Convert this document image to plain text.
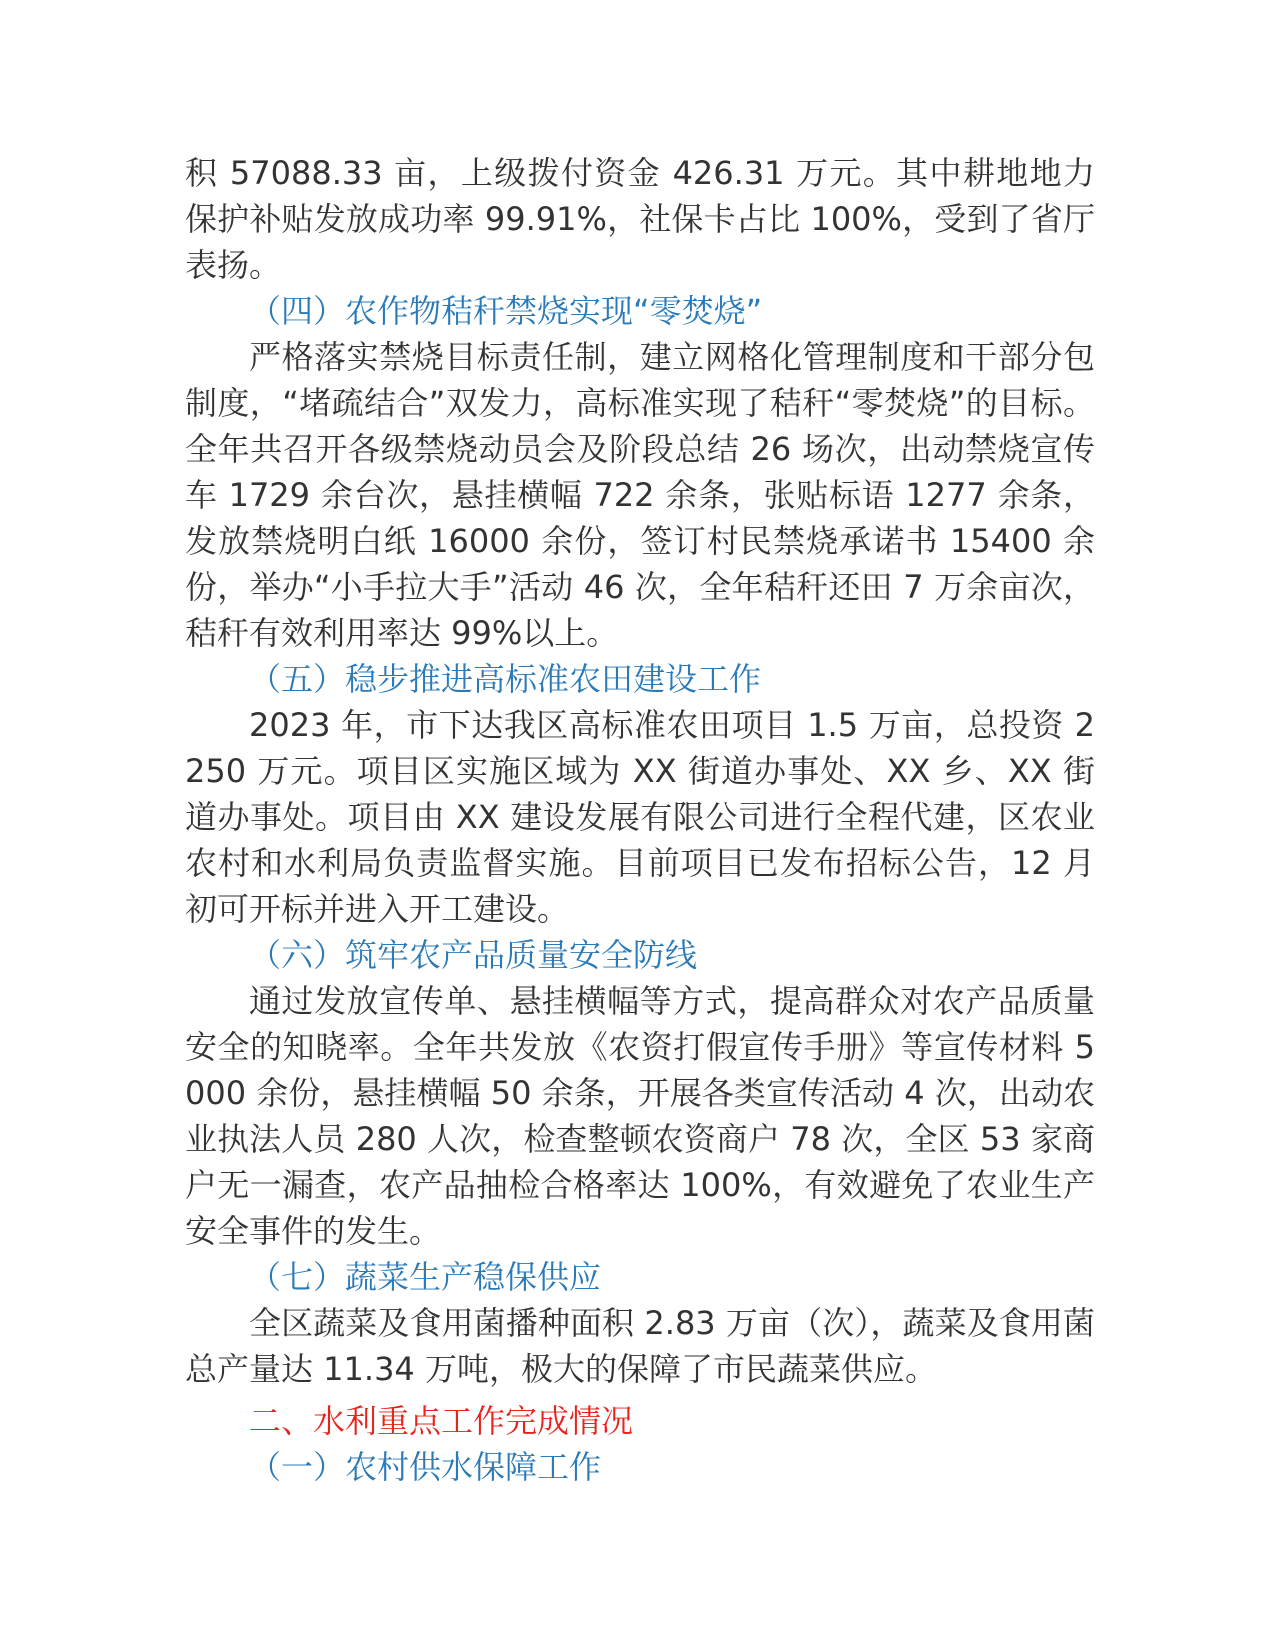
积 57088.33 亩，上级拨付资金 426.31 万元。其中耕地地力保护补贴发放成功率 99.91%，社保卡占比 100%，受到了省厅表扬。

（四）农作物秸秆禁烧实现“零焚烧”

严格落实禁烧目标责任制，建立网格化管理制度和干部分包制度，“堵疏结合”双发力，高标准实现了秸秆“零焚烧”的目标。全年共召开各级禁烧动员会及阶段总结 26 场次，出动禁烧宣传车 1729 余台次，悬挂横幅 722 余条，张贴标语 1277 余条，发放禁烧明白纸 16000 余份，签订村民禁烧承诺书 15400 余份，举办“小手拉大手”活动 46 次，全年秸秆还田 7 万余亩次，秸秆有效利用率达 99%以上。

（五）稳步推进高标准农田建设工作

2023 年，市下达我区高标准农田项目 1.5 万亩，总投资 2250 万元。项目区实施区域为 XX 街道办事处、XX 乡、XX 街道办事处。项目由 XX 建设发展有限公司进行全程代建，区农业农村和水利局负责监督实施。目前项目已发布招标公告，12 月初可开标并进入开工建设。

（六）筑牢农产品质量安全防线

通过发放宣传单、悬挂横幅等方式，提高群众对农产品质量安全的知晓率。全年共发放《农资打假宣传手册》等宣传材料 5000 余份，悬挂横幅 50 余条，开展各类宣传活动 4 次，出动农业执法人员 280 人次，检查整顿农资商户 78 次，全区 53 家商户无一漏查，农产品抽检合格率达 100%，有效避免了农业生产安全事件的发生。

（七）蔬菜生产稳保供应

全区蔬菜及食用菌播种面积 2.83 万亩（次），蔬菜及食用菌总产量达 11.34 万吨，极大的保障了市民蔬菜供应。

二、水利重点工作完成情况

（一）农村供水保障工作
